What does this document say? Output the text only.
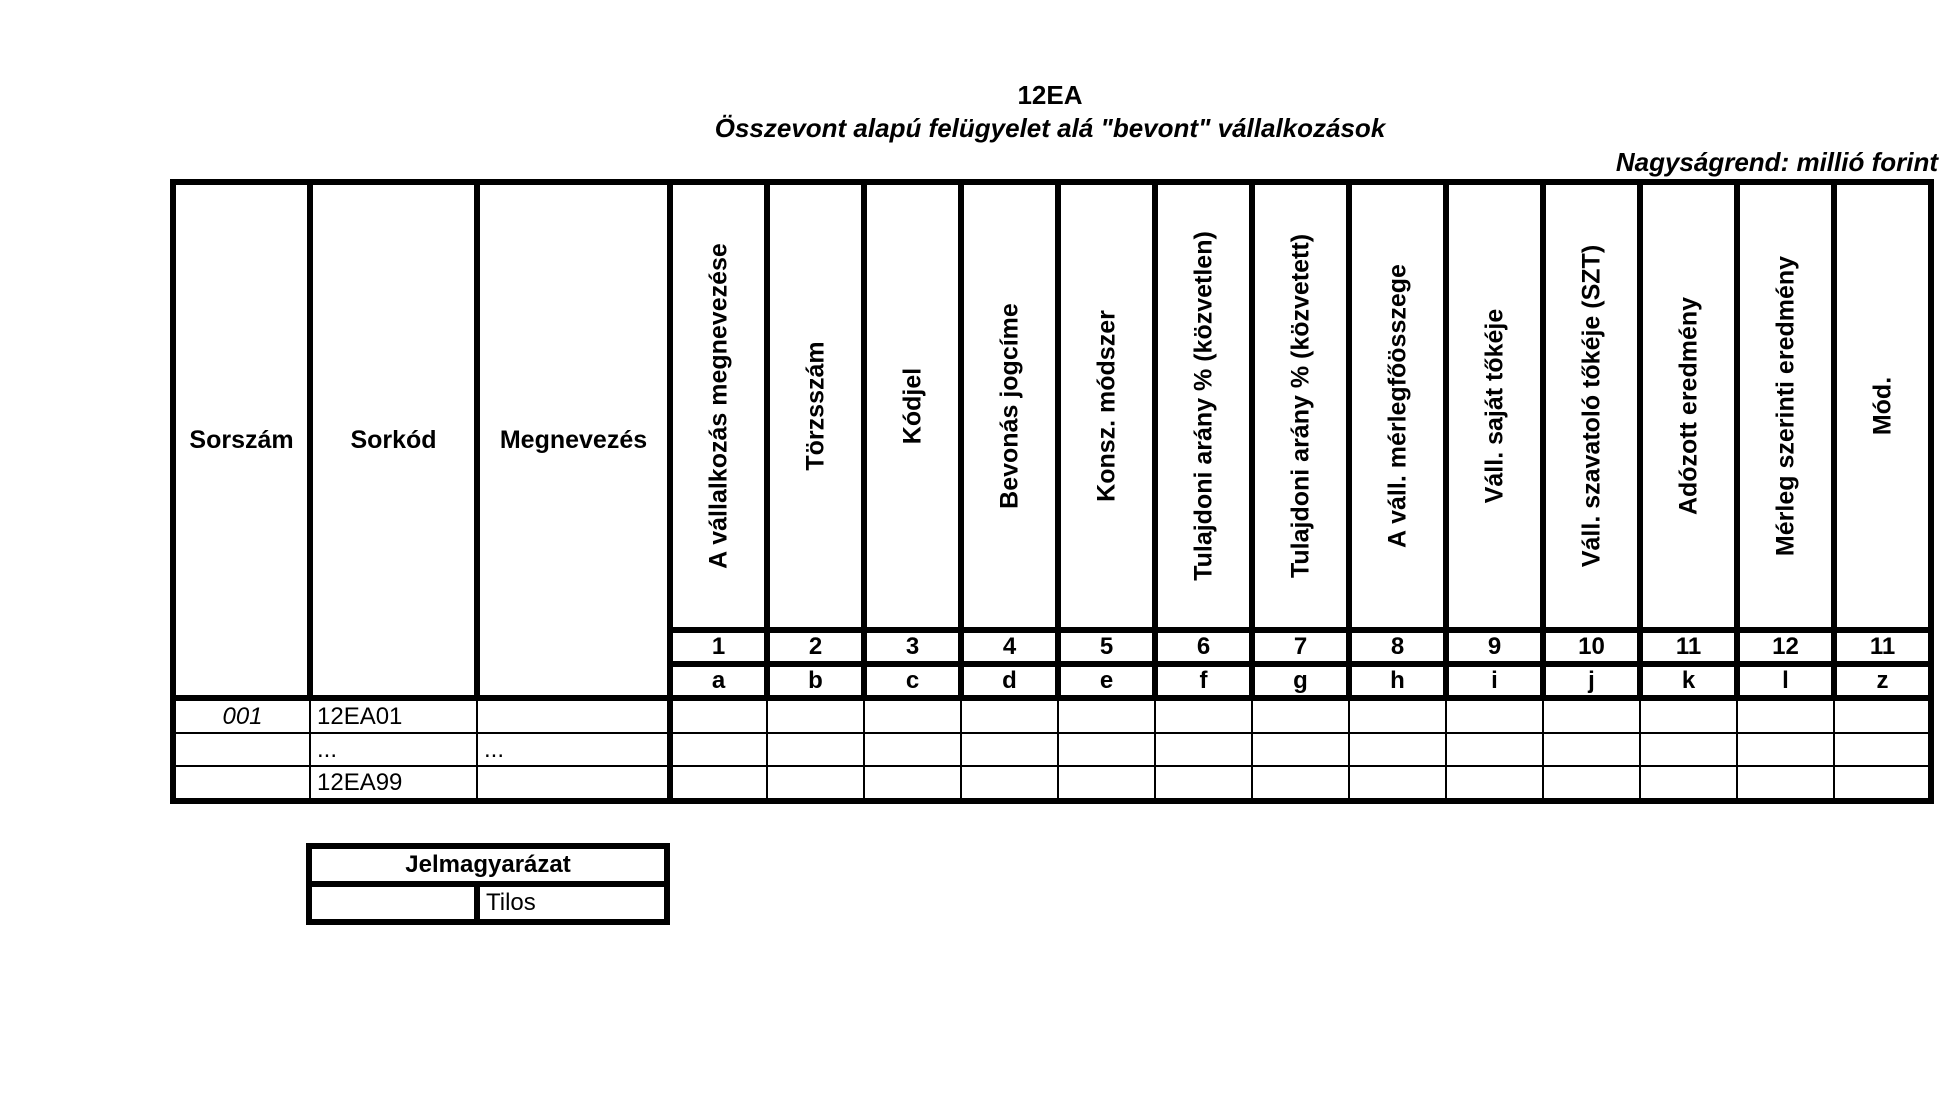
12EA
Összevont alapú felügyelet alá "bevont" vállalkozások
Nagyságrend: millió forint
Sorszám	Sorkód	Megnevezés	A vállalkozás megnevezése	Törzsszám	Kódjel	Bevonás jogcíme	Konsz. módszer	Tulajdoni arány % (közvetlen)	Tulajdoni arány % (közvetett)	A váll. mérlegfőösszege	Váll. saját tőkéje	Váll. szavatoló tőkéje (SZT)	Adózott eredmény	Mérleg szerinti eredmény	Mód.

			1	2	3	4	5	6	7	8	9	10	11	12	11
			a	b	c	d	e	f	g	h	i	j	k	l	z
001	12EA01														
	...	...													
	12EA99														
Jelmagyarázat
	Tilos
